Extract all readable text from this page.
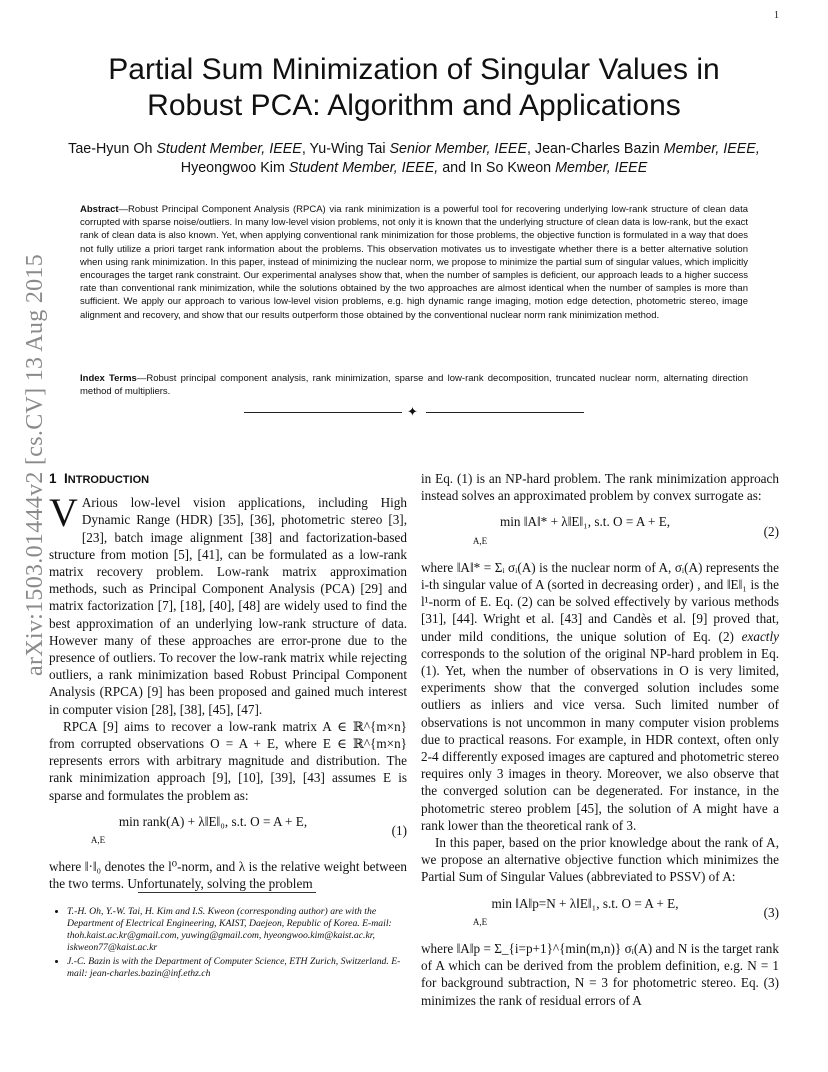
1
arXiv:1503.01444v2 [cs.CV] 13 Aug 2015
Partial Sum Minimization of Singular Values in Robust PCA: Algorithm and Applications
Tae-Hyun Oh Student Member, IEEE, Yu-Wing Tai Senior Member, IEEE, Jean-Charles Bazin Member, IEEE,
Hyeongwoo Kim Student Member, IEEE, and In So Kweon Member, IEEE
Abstract—Robust Principal Component Analysis (RPCA) via rank minimization is a powerful tool for recovering underlying low-rank structure of clean data corrupted with sparse noise/outliers. In many low-level vision problems, not only it is known that the underlying structure of clean data is low-rank, but the exact rank of clean data is also known. Yet, when applying conventional rank minimization for those problems, the objective function is formulated in a way that does not fully utilize a priori target rank information about the problems. This observation motivates us to investigate whether there is a better alternative solution when using rank minimization. In this paper, instead of minimizing the nuclear norm, we propose to minimize the partial sum of singular values, which implicitly encourages the target rank constraint. Our experimental analyses show that, when the number of samples is deficient, our approach leads to a higher success rate than conventional rank minimization, while the solutions obtained by the two approaches are almost identical when the number of samples is more than sufficient. We apply our approach to various low-level vision problems, e.g. high dynamic range imaging, motion edge detection, photometric stereo, image alignment and recovery, and show that our results outperform those obtained by the conventional nuclear norm rank minimization method.
Index Terms—Robust principal component analysis, rank minimization, sparse and low-rank decomposition, truncated nuclear norm, alternating direction method of multipliers.
✦
1 INTRODUCTION

V Arious low-level vision applications, including High Dynamic Range (HDR) [35], [36], photometric stereo [3], [23], batch image alignment [38] and factorization-based structure from motion [5], [41], can be formulated as a low-rank matrix recovery problem. Low-rank matrix approximation methods, such as Principal Component Analysis (PCA) [29] and matrix factorization [7], [18], [40], [48] are widely used to find the best approximation of an underlying low-rank structure of data. However many of these approaches are error-prone due to the presence of outliers. To recover the low-rank matrix while rejecting outliers, a rank minimization based Robust Principal Component Analysis (RPCA) [9] has been proposed and gained much interest in computer vision [28], [38], [45], [47].

RPCA [9] aims to recover a low-rank matrix A ∈ ℝ^{m×n} from corrupted observations O = A + E, where E ∈ ℝ^{m×n} represents errors with arbitrary magnitude and distribution. The rank minimization approach [9], [10], [39], [43] assumes E is sparse and formulates the problem as:

min rank(A) + λ‖E‖₀, s.t. O = A + E,
A,E
(1)

where ‖·‖₀ denotes the l⁰-norm, and λ is the relative weight between the two terms. Unfortunately, solving the problem

in Eq. (1) is an NP-hard problem. The rank minimization approach instead solves an approximated problem by convex surrogate as:

min ‖A‖* + λ‖E‖₁, s.t. O = A + E,
A,E
(2)

where ‖A‖* = Σᵢ σᵢ(A) is the nuclear norm of A, σᵢ(A) represents the i-th singular value of A (sorted in decreasing order) , and ‖E‖₁ is the l¹-norm of E. Eq. (2) can be solved effectively by various methods [31], [44]. Wright et al. [43] and Candès et al. [9] proved that, under mild conditions, the unique solution of Eq. (2) exactly corresponds to the solution of the original NP-hard problem in Eq. (1). Yet, when the number of observations in O is very limited, experiments show that the converged solution includes some outliers as inliers and vice versa. Such limited number of observations is not uncommon in many computer vision problems due to practical reasons. For example, in HDR context, often only 2-4 differently exposed images are captured and photometric stereo requires only 3 images in theory. Moreover, we also observe that the converged solution can be degenerated. For instance, in the photometric stereo problem [45], the solution of A might have a rank lower than the theoretical rank of 3.

In this paper, based on the prior knowledge about the rank of A, we propose an alternative objective function which minimizes the Partial Sum of Singular Values (abbreviated to PSSV) of A:

min ‖A‖p=N + λ‖E‖₁, s.t. O = A + E,
A,E
(3)

where ‖A‖p = Σ_{i=p+1}^{min(m,n)} σᵢ(A) and N is the target rank of A which can be derived from the problem definition, e.g. N = 1 for background subtraction, N = 3 for photometric stereo. Eq. (3) minimizes the rank of residual errors of A

• T.-H. Oh, Y.-W. Tai, H. Kim and I.S. Kweon (corresponding author) are with the Department of Electrical Engineering, KAIST, Daejeon, Republic of Korea. E-mail: thoh.kaist.ac.kr@gmail.com, yuwing@gmail.com, hyeongwoo.kim@kaist.ac.kr, iskweon77@kaist.ac.kr
• J.-C. Bazin is with the Department of Computer Science, ETH Zurich, Switzerland. E-mail: jean-charles.bazin@inf.ethz.ch
